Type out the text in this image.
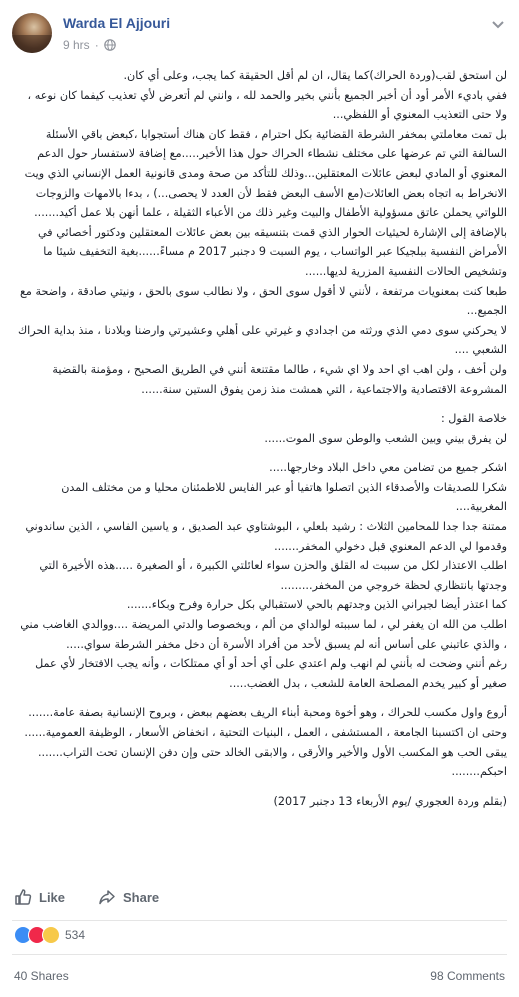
Warda El Ajjouri
9 hrs ·

لن استحق لقب(وردة الحراك)كما يقال، ان لم أقل الحقيقة كما يجب، وعلى أي كان.

ففي باديء الأمر أود أن أخبر الجميع بأنني بخير والحمد لله ، وانني لم أتعرض لأي تعذيب كيفما كان نوعه ، ولا حتى التعذيب المعنوي أو اللفظي...

بل تمت معاملتي بمخفر الشرطة القضائية بكل احترام ، فقط كان هناك أستجوابا ،كبعض باقي الأسئلة السالفة التي تم عرضها على مختلف نشطاء الحراك حول هذا الأخير.....مع إضافة لاستفسار حول الدعم المعنوي أو المادي لبعض عائلات المعتقلين...وذلك للتأكد من صحة ومدى قانونية العمل الإنساني الذي ويت الانخراط به اتجاه بعض العائلات(مع الأسف البعض فقط لأن العدد لا يحصى...) ، بدءا بالامهات والزوجات اللواتي يحملن عاتق مسؤولية الأطفال والبيت وغير ذلك من الأعباء الثقيلة ، علما أنهن بلا عمل أكيد.......

بالإضافة إلى الإشارة لحيثيات الحوار الذي قمت بتنسيقه بين بعض عائلات المعتقلين ودكتور أخصائي في الأمراض النفسية ببلجيكا عبر الواتساب ، يوم السبت 9 دجنبر 2017 م مساءً......بغية التخفيف شيئا ما وتشخيص الحالات النفسية المزرية لديها......

طبعا كنت بمعنويات مرتفعة ، لأنني لا أقول سوى الحق ، ولا نطالب سوى بالحق ، ونيتي صادقة ، واضحة مع الجميع...

لا يحركني سوى دمي الذي ورثته من اجدادي و غيرتي على أهلي وعشيرتي وارضنا وبلادنا ، منذ بداية الحراك الشعبي ....

ولن أخف ، ولن اهب اي احد ولا اي شيء ، طالما مقتنعة أنني في الطريق الصحيح ، ومؤمنة بالقضية المشروعة الاقتصادية والاجتماعية ، التي همشت منذ زمن يفوق الستين سنة......

خلاصة القول :

لن يفرق بيني وبين الشعب والوطن سوى الموت......

اشكر جميع من تضامن معي داخل البلاد وخارجها.....

شكرا للصديقات والأصدقاء الذين اتصلوا هاتفيا أو عبر الفايس للاطمئنان محليا و من مختلف المدن المغربية....

ممتنة جدا جدا للمحامين الثلاث : رشيد بلعلي ، البوشتاوي عبد الصديق ، و ياسين الفاسي ، الذين ساندوني وقدموا لي الدعم المعنوي قبل دخولي المخفر.......

اطلب الاعتذار لكل من سببت له القلق والحزن سواء لعائلتي الكبيرة ، أو الصغيرة .....هذه الأخيرة التي وجدتها بانتظاري لحظة خروجي من المخفر.........

كما اعتذر أيضا لجيراني الذين وجدتهم بالحي لاستقبالي بكل حرارة وفرح وبكاء.......

اطلب من الله ان يغفر لي ، لما سببته لوالداي من ألم ، وبخصوصا والدتي المريضة ....ووالدي الغاضب مني ، والذي عاتبني على أساس أنه لم يسبق لأحد من أفراد الأسرة أن دخل مخفر الشرطة سواي.....

رغم أنني وضحت له بأنني لم انهب ولم اعتدي على أي أحد أو أي ممتلكات ، وأنه يجب الافتخار لأي عمل صغير أو كبير يخدم المصلحة العامة للشعب ، بدل الغضب.....

أروع واول مكسب للحراك ، وهو أخوة ومحبة أبناء الريف بعضهم ببعض ، وبروح الإنسانية بصفة عامة.......

وحتى ان اكتسبنا الجامعة ، المستشفى ، العمل ، البنيات التحتية ، انخفاض الأسعار ، الوظيفة العمومية......

يبقى الحب هو المكسب الأول والأخير والأرقى ، والابقى الخالد حتى وإن دفن الإنسان تحت التراب.......

احبكم........

(بقلم وردة العجوري /يوم الأربعاء 13 دجنبر 2017)

Like	Share
534
40 Shares	98 Comments
